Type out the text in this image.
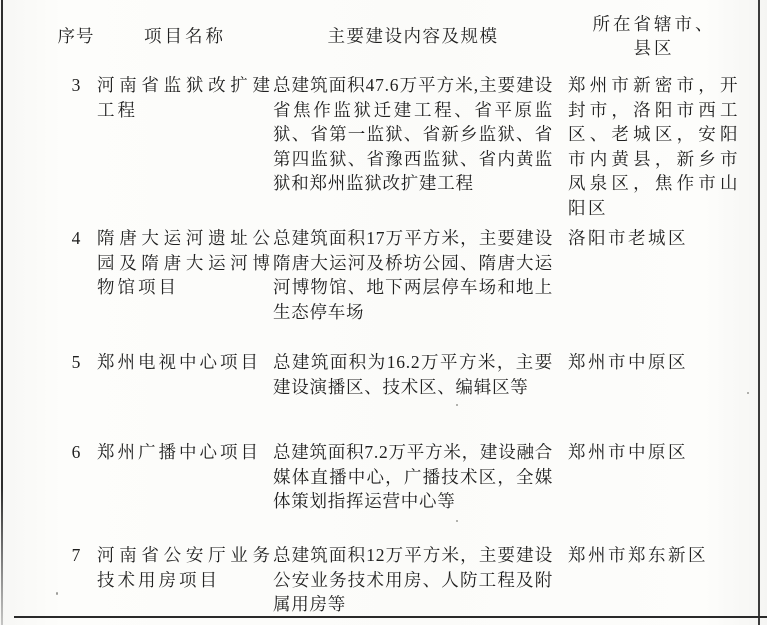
序号	项目名称	主要建设内容及规模
所在省辖市、县区
3 河南省监狱改扩建工程
总建筑面积47.6万平方米,主要建设省焦作监狱迁建工程、省平原监狱、省第一监狱、省新乡监狱、省第四监狱、省豫西监狱、省内黄监狱和郑州监狱改扩建工程
郑州市新密市，开封市，洛阳市西工区、老城区，安阳市内黄县，新乡市凤泉区，焦作市山阳区
4 隋唐大运河遗址公园及隋唐大运河博物馆项目
总建筑面积17万平方米，主要建设隋唐大运河及桥坊公园、隋唐大运河博物馆、地下两层停车场和地上生态停车场
洛阳市老城区
5 郑州电视中心项目 总建筑面积为16.2万平方米，主要建设演播区、技术区、编辑区等
郑州市中原区
6 郑州广播中心项目 总建筑面积7.2万平方米，建设融合媒体直播中心，广播技术区，全媒体策划指挥运营中心等
郑州市中原区
7 河南省公安厅业务技术用房项目
总建筑面积12万平方米，主要建设公安业务技术用房、人防工程及附属用房等
郑州市郑东新区
